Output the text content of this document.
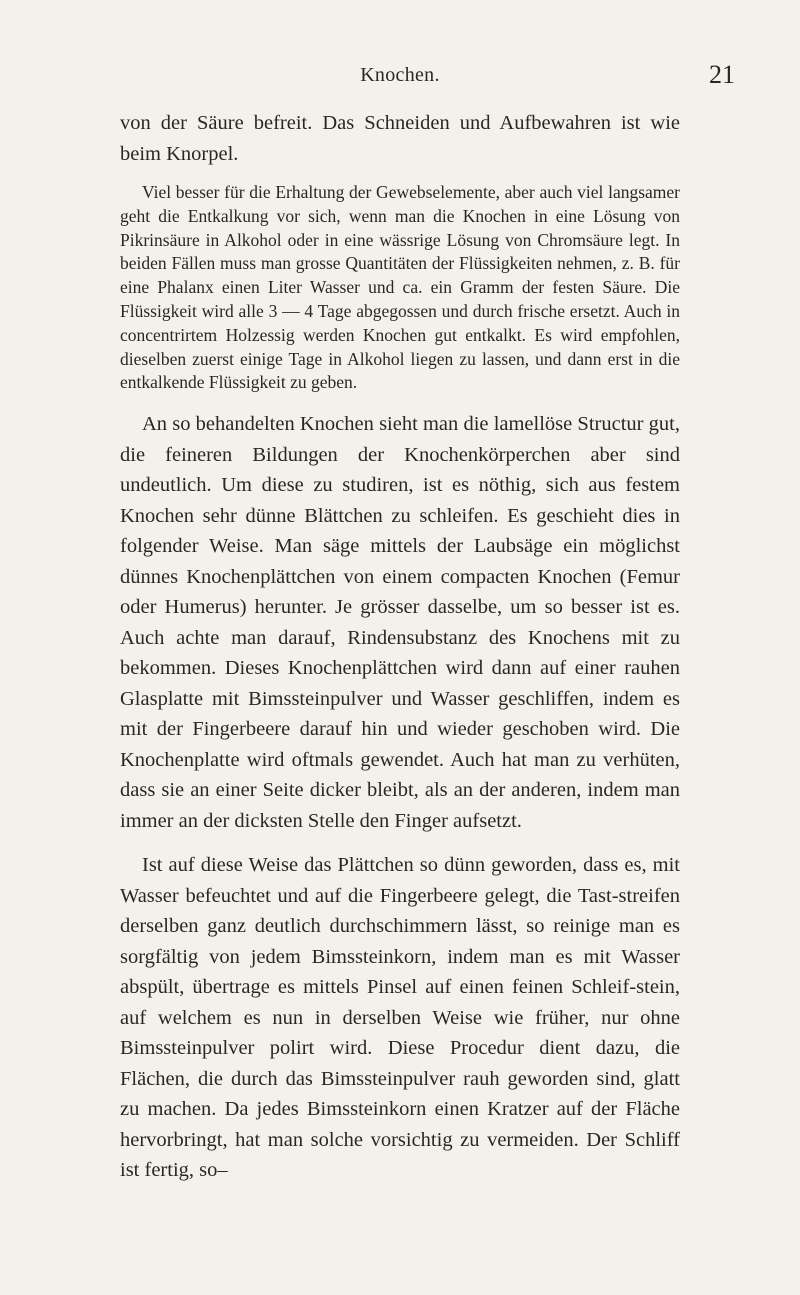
Knochen.	21

von der Säure befreit. Das Schneiden und Aufbewahren ist wie beim Knorpel.

Viel besser für die Erhaltung der Gewebselemente, aber auch viel langsamer geht die Entkalkung vor sich, wenn man die Knochen in eine Lösung von Pikrinsäure in Alkohol oder in eine wässrige Lösung von Chromsäure legt. In beiden Fällen muss man grosse Quantitäten der Flüssigkeiten nehmen, z. B. für eine Phalanx einen Liter Wasser und ca. ein Gramm der festen Säure. Die Flüssigkeit wird alle 3 — 4 Tage abgegossen und durch frische ersetzt. Auch in concentrirtem Holzessig werden Knochen gut entkalkt. Es wird empfohlen, dieselben zuerst einige Tage in Alkohol liegen zu lassen, und dann erst in die entkalkende Flüssigkeit zu geben.

An so behandelten Knochen sieht man die lamellöse Structur gut, die feineren Bildungen der Knochenkörperchen aber sind undeutlich. Um diese zu studiren, ist es nöthig, sich aus festem Knochen sehr dünne Blättchen zu schleifen. Es geschieht dies in folgender Weise. Man säge mittels der Laubsäge ein möglichst dünnes Knochenplättchen von einem compacten Knochen (Femur oder Humerus) herunter. Je grösser dasselbe, um so besser ist es. Auch achte man darauf, Rindensubstanz des Knochens mit zu bekommen. Dieses Knochenplättchen wird dann auf einer rauhen Glasplatte mit Bimssteinpulver und Wasser geschliffen, indem es mit der Fingerbeere darauf hin und wieder geschoben wird. Die Knochenplatte wird oftmals gewendet. Auch hat man zu verhüten, dass sie an einer Seite dicker bleibt, als an der anderen, indem man immer an der dicksten Stelle den Finger aufsetzt.

Ist auf diese Weise das Plättchen so dünn geworden, dass es, mit Wasser befeuchtet und auf die Fingerbeere gelegt, die Tast-streifen derselben ganz deutlich durchschimmern lässt, so reinige man es sorgfältig von jedem Bimssteinkorn, indem man es mit Wasser abspült, übertrage es mittels Pinsel auf einen feinen Schleif-stein, auf welchem es nun in derselben Weise wie früher, nur ohne Bimssteinpulver polirt wird. Diese Procedur dient dazu, die Flächen, die durch das Bimssteinpulver rauh geworden sind, glatt zu machen. Da jedes Bimssteinkorn einen Kratzer auf der Fläche hervorbringt, hat man solche vorsichtig zu vermeiden. Der Schliff ist fertig, so–
